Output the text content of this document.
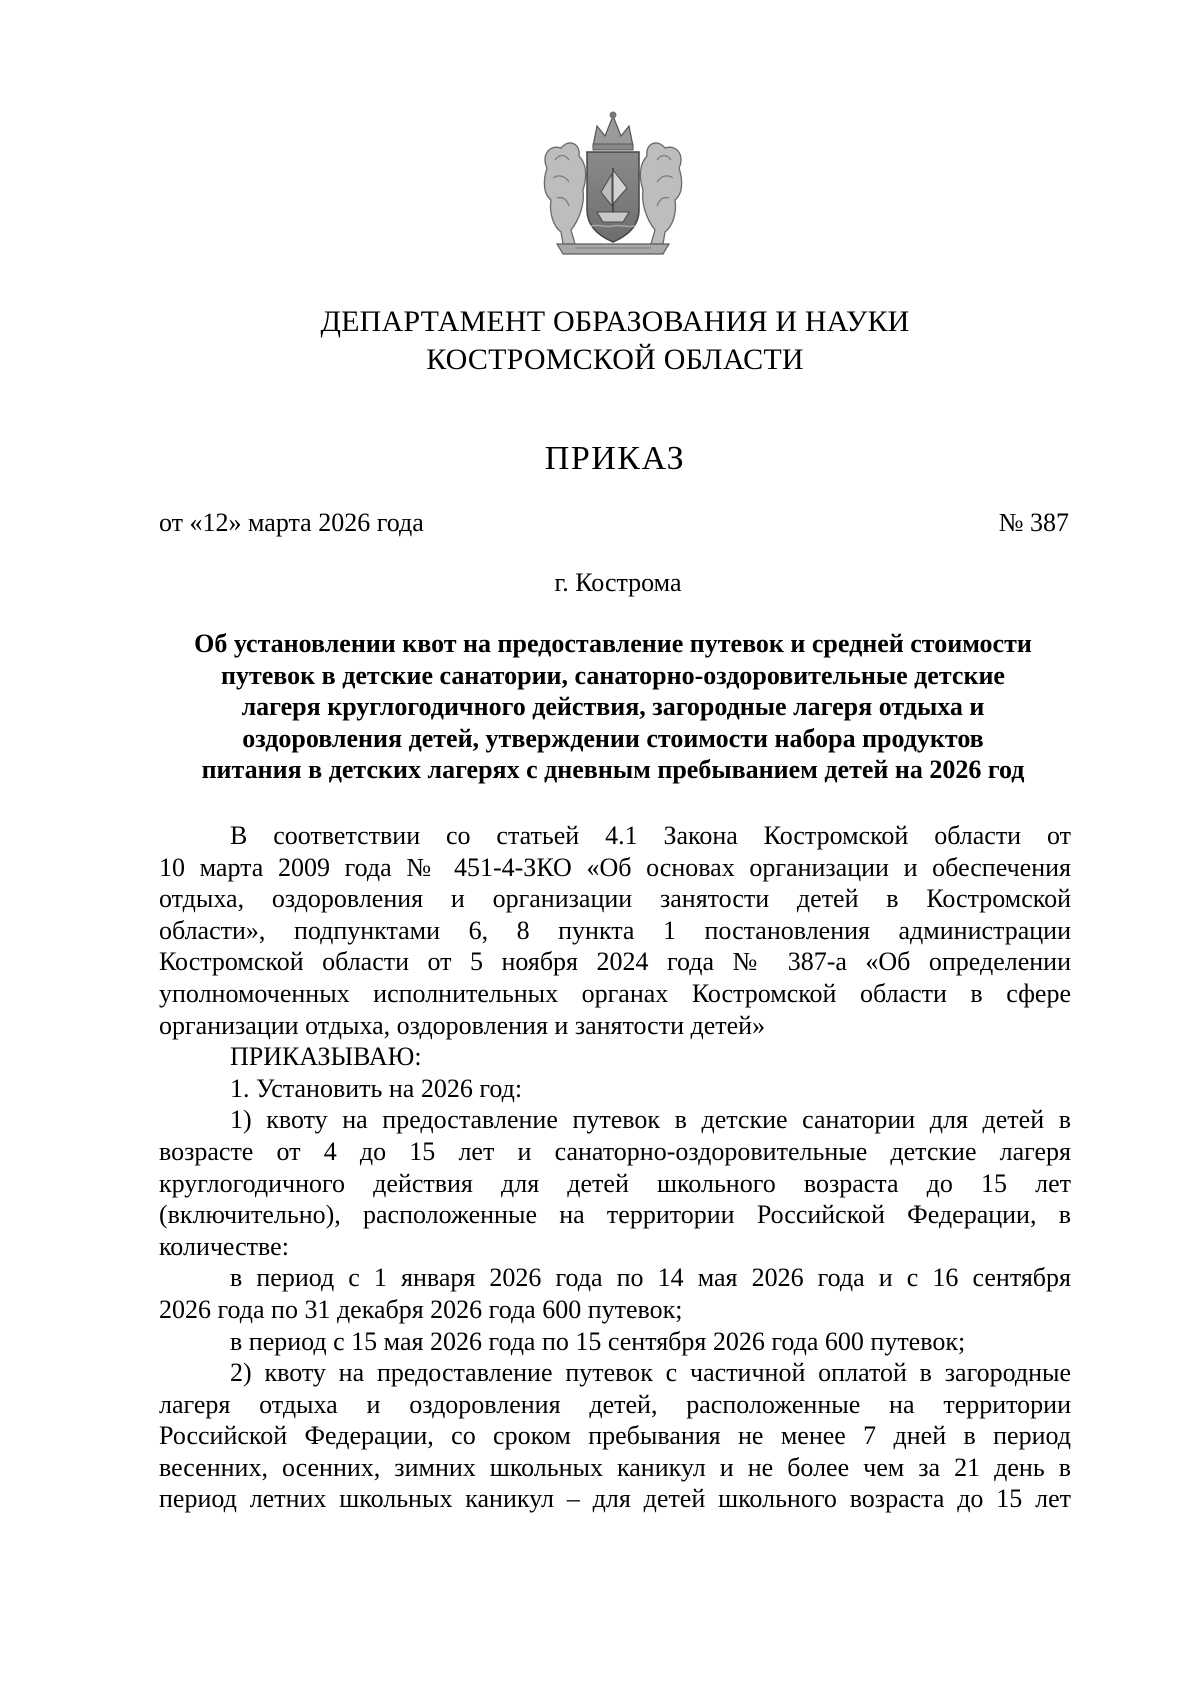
ДЕПАРТАМЕНТ ОБРАЗОВАНИЯ И НАУКИ
КОСТРОМСКОЙ ОБЛАСТИ
ПРИКАЗ
от «12» марта 2026 года	№ 387
г. Кострома
Об установлении квот на предоставление путевок и средней стоимости
путевок в детские санатории, санаторно-оздоровительные детские
лагеря круглогодичного действия, загородные лагеря отдыха и
оздоровления детей, утверждении стоимости набора продуктов
питания в детских лагерях с дневным пребыванием детей на 2026 год
В соответствии со статьей 4.1 Закона Костромской области от
10 марта 2009 года № 451-4-ЗКО «Об основах организации и обеспечения
отдыха, оздоровления и организации занятости детей в Костромской
области», подпунктами 6, 8 пункта 1 постановления администрации
Костромской области от 5 ноября 2024 года № 387-а «Об определении
уполномоченных исполнительных органах Костромской области в сфере
организации отдыха, оздоровления и занятости детей»
ПРИКАЗЫВАЮ:
1. Установить на 2026 год:
1) квоту на предоставление путевок в детские санатории для детей в
возрасте от 4 до 15 лет и санаторно-оздоровительные детские лагеря
круглогодичного действия для детей школьного возраста до 15 лет
(включительно), расположенные на территории Российской Федерации, в
количестве:
в период с 1 января 2026 года по 14 мая 2026 года и с 16 сентября
2026 года по 31 декабря 2026 года 600 путевок;
в период с 15 мая 2026 года по 15 сентября 2026 года 600 путевок;
2) квоту на предоставление путевок с частичной оплатой в загородные
лагеря отдыха и оздоровления детей, расположенные на территории
Российской Федерации, со сроком пребывания не менее 7 дней в период
весенних, осенних, зимних школьных каникул и не более чем за 21 день в
период летних школьных каникул – для детей школьного возраста до 15 лет
